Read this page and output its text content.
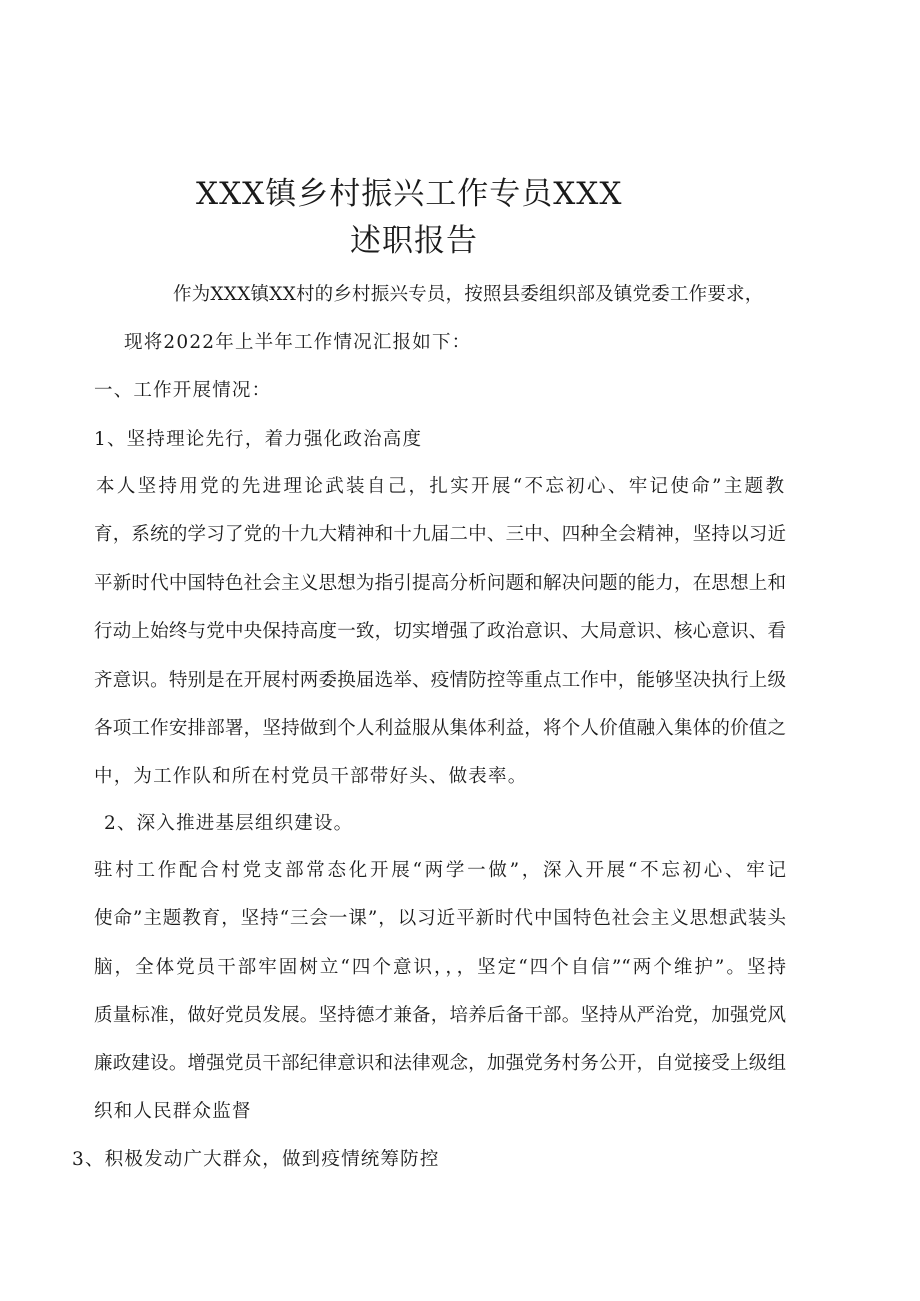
XXX镇乡村振兴工作专员XXX
述职报告
作为XXX镇XX村的乡村振兴专员，按照县委组织部及镇党委工作要求，
现将2022年上半年工作情况汇报如下：
一、工作开展情况：
1、坚持理论先行，着力强化政治高度
本人坚持用党的先进理论武装自己，扎实开展“不忘初心、牢记使命”主题教
育，系统的学习了党的十九大精神和十九届二中、三中、四种全会精神，坚持以习近
平新时代中国特色社会主义思想为指引提高分析问题和解决问题的能力，在思想上和
行动上始终与党中央保持高度一致，切实增强了政治意识、大局意识、核心意识、看
齐意识。特别是在开展村两委换届选举、疫情防控等重点工作中，能够坚决执行上级
各项工作安排部署，坚持做到个人利益服从集体利益，将个人价值融入集体的价值之
中，为工作队和所在村党员干部带好头、做表率。
2、深入推进基层组织建设。
驻村工作配合村党支部常态化开展“两学一做”，深入开展“不忘初心、牢记
使命”主题教育，坚持“三会一课”，以习近平新时代中国特色社会主义思想武装头
脑，全体党员干部牢固树立“四个意识，，，坚定“四个自信”“两个维护”。坚持
质量标准，做好党员发展。坚持德才兼备，培养后备干部。坚持从严治党，加强党风
廉政建设。增强党员干部纪律意识和法律观念，加强党务村务公开，自觉接受上级组
织和人民群众监督
3、积极发动广大群众，做到疫情统筹防控
